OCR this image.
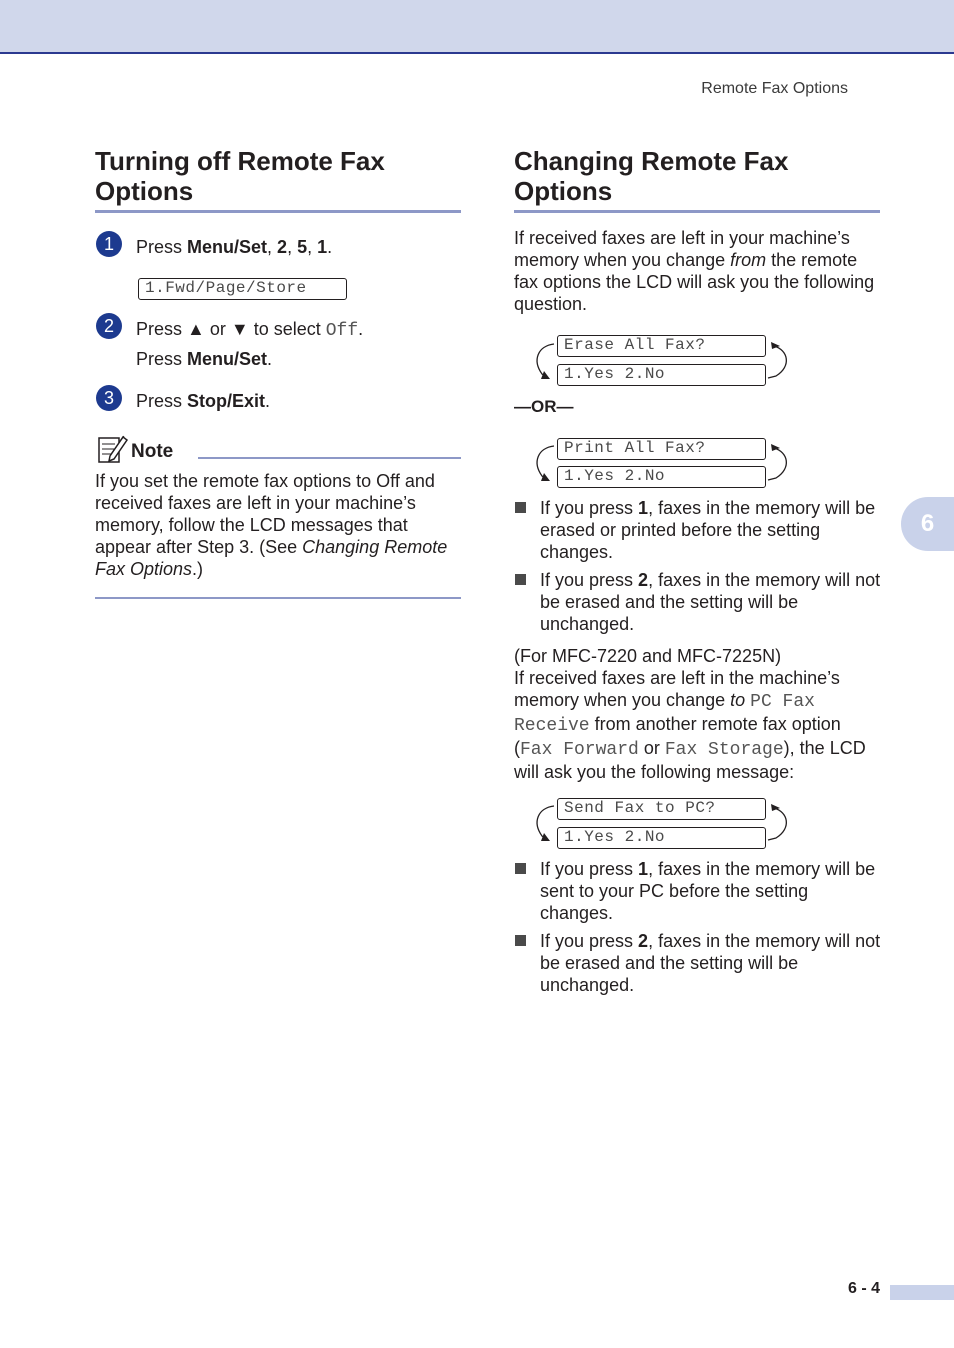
Remote Fax Options
Turning off Remote Fax
Options
1	Press Menu/Set, 2, 5, 1.

1.Fwd/Page/Store
2	Press ▲ or ▼ to select Off.

Press Menu/Set.

3	Press Stop/Exit.

Note

If you set the remote fax options to Off and received faxes are left in your machine’s memory, follow the LCD messages that appear after Step 3. (See Changing Remote Fax Options.)

Changing Remote Fax
Options

If received faxes are left in your machine’s memory when you change from the remote fax options the LCD will ask you the following question.

Erase All Fax?
1.Yes 2.No
—OR—
Print All Fax?
1.Yes 2.No

If you press 1, faxes in the memory will be erased or printed before the setting changes.

If you press 2, faxes in the memory will not be erased and the setting will be unchanged.

(For MFC-7220 and MFC-7225N)

If received faxes are left in the machine’s memory when you change to PC Fax Receive from another remote fax option (Fax Forward or Fax Storage), the LCD will ask you the following message:

Send Fax to PC?
1.Yes 2.No

If you press 1, faxes in the memory will be sent to your PC before the setting changes.

If you press 2, faxes in the memory will not be erased and the setting will be unchanged.

6
6 - 4
